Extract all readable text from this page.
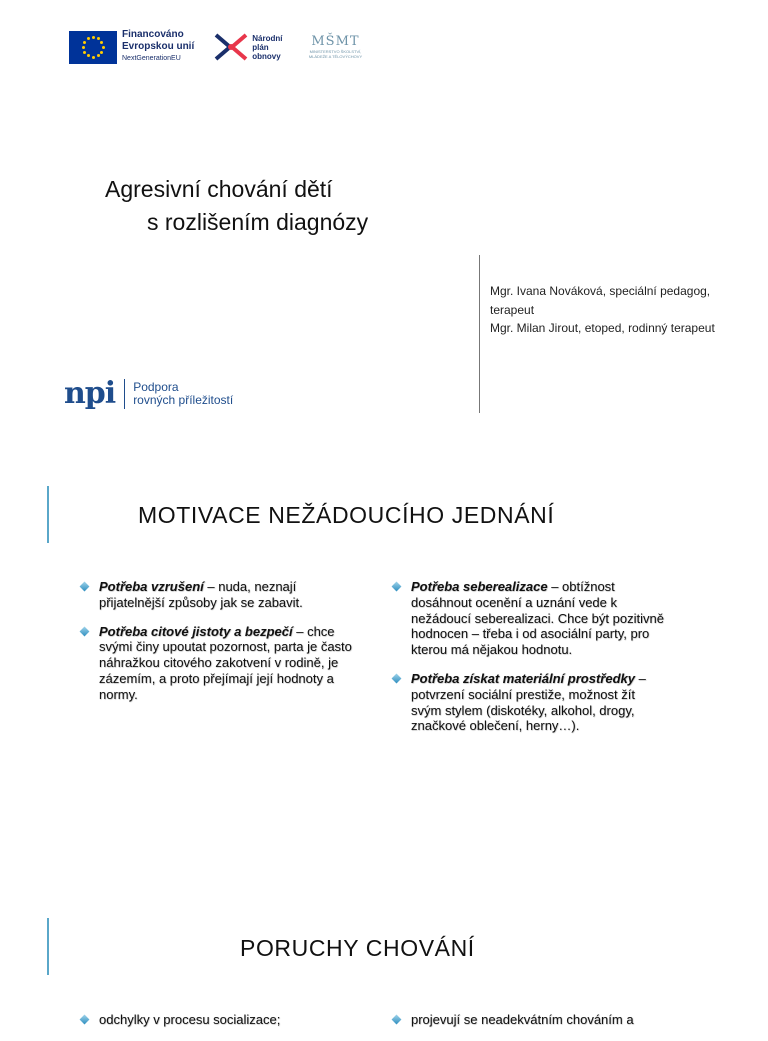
Financováno
Evropskou unií
NextGenerationEU
Národní
plán
obnovy
MŠMT
MINISTERSTVO ŠKOLSTVÍ, MLÁDEŽE A TĚLOVÝCHOVY
Agresivní chování dětí
s rozlišením diagnózy
Mgr. Ivana Nováková, speciální pedagog,
terapeut
Mgr. Milan Jirout, etoped, rodinný terapeut
npi Podpora
rovných příležitostí
MOTIVACE NEŽÁDOUCÍHO JEDNÁNÍ
Potřeba vzrušení – nuda, neznají přijatelnější způsoby jak se zabavit.
Potřeba citové jistoty a bezpečí – chce svými činy upoutat pozornost, parta je často náhražkou citového zakotvení v rodině, je zázemím, a proto přejímají její hodnoty a normy.
Potřeba seberealizace – obtížnost dosáhnout ocenění a uznání vede k nežádoucí seberealizaci. Chce být pozitivně hodnocen – třeba i od asociální party, pro kterou má nějakou hodnotu.
Potřeba získat materiální prostředky – potvrzení sociální prestiže, možnost žít svým stylem (diskotéky, alkohol, drogy, značkové oblečení, herny…).
PORUCHY CHOVÁNÍ
odchylky v procesu socializace;	projevují se neadekvátním chováním a
